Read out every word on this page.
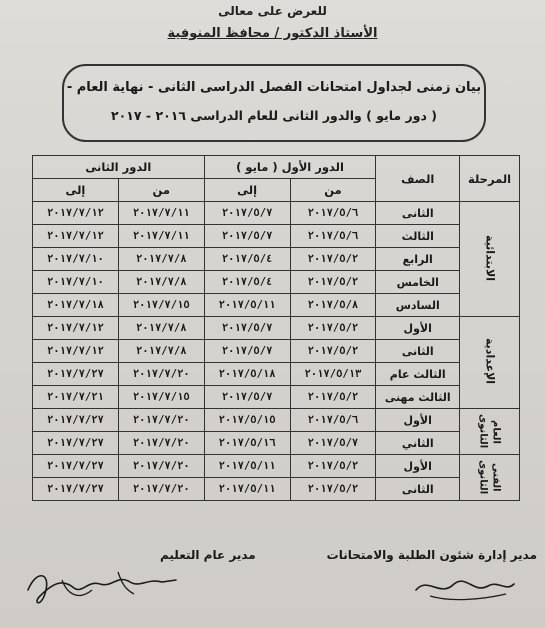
للعرض على معالى
الأستاذ الدكتور / محافظ المنوفية
بيان زمنى لجداول امتحانات الفصل الدراسى الثانى - نهاية العام -
( دور مايو ) والدور الثانى للعام الدراسى ٢٠١٦ - ٢٠١٧
المرحلة	الصف	الدور الأول ( مايو )		الدور الثانى	
		من	إلى	من	إلى
الابتدائية	الثانى	٢٠١٧/٥/٦	٢٠١٧/٥/٧	٢٠١٧/٧/١١	٢٠١٧/٧/١٢
	الثالث	٢٠١٧/٥/٦	٢٠١٧/٥/٧	٢٠١٧/٧/١١	٢٠١٧/٧/١٢
	الرابع	٢٠١٧/٥/٢	٢٠١٧/٥/٤	٢٠١٧/٧/٨	٢٠١٧/٧/١٠
	الخامس	٢٠١٧/٥/٢	٢٠١٧/٥/٤	٢٠١٧/٧/٨	٢٠١٧/٧/١٠
	السادس	٢٠١٧/٥/٨	٢٠١٧/٥/١١	٢٠١٧/٧/١٥	٢٠١٧/٧/١٨
الإعدادية	الأول	٢٠١٧/٥/٢	٢٠١٧/٥/٧	٢٠١٧/٧/٨	٢٠١٧/٧/١٢
	الثانى	٢٠١٧/٥/٢	٢٠١٧/٥/٧	٢٠١٧/٧/٨	٢٠١٧/٧/١٢
	الثالث عام	٢٠١٧/٥/١٣	٢٠١٧/٥/١٨	٢٠١٧/٧/٢٠	٢٠١٧/٧/٢٧
	الثالث مهنى	٢٠١٧/٥/٢	٢٠١٧/٥/٧	٢٠١٧/٧/١٥	٢٠١٧/٧/٢١

الثانوى العام	الأول	٢٠١٧/٥/٦	٢٠١٧/٥/١٥	٢٠١٧/٧/٢٠	٢٠١٧/٧/٢٧
	الثاني	٢٠١٧/٥/٧	٢٠١٧/٥/١٦	٢٠١٧/٧/٢٠	٢٠١٧/٧/٢٧

الثانوى الفنى	الأول	٢٠١٧/٥/٢	٢٠١٧/٥/١١	٢٠١٧/٧/٢٠	٢٠١٧/٧/٢٧
	الثانى	٢٠١٧/٥/٢	٢٠١٧/٥/١١	٢٠١٧/٧/٢٠	٢٠١٧/٧/٢٧
مدير إدارة شئون الطلبة والامتحانات
مدير عام التعليم
